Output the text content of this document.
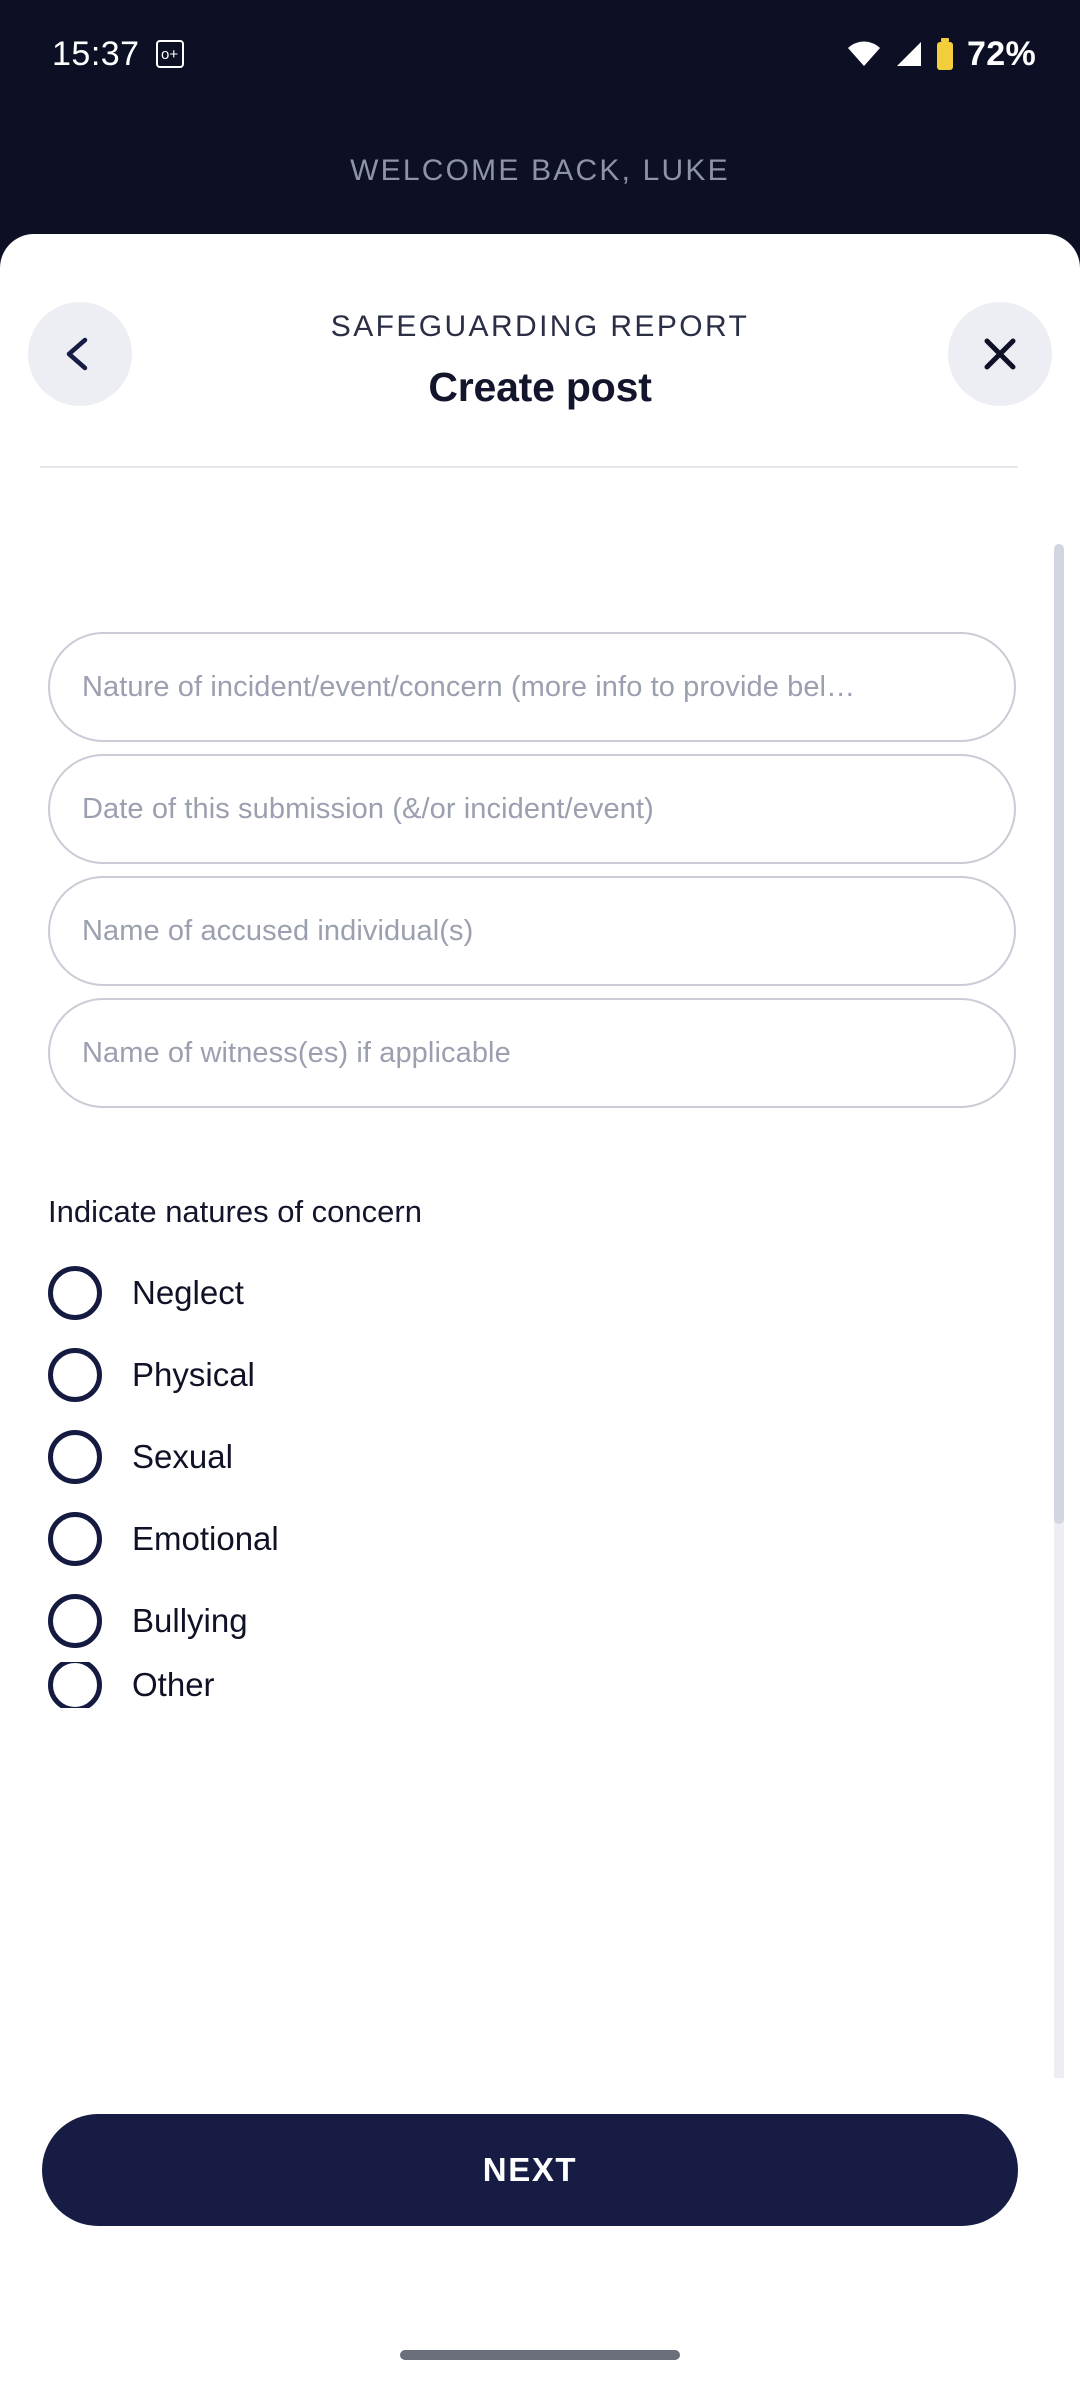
15:37	o+	72%
WELCOME BACK, LUKE
SAFEGUARDING REPORT
Create post
Nature of incident/event/concern (more info to provide bel…
Date of this submission (&/or incident/event)
Name of accused individual(s)
Name of witness(es) if applicable
Indicate natures of concern
Neglect
Physical
Sexual
Emotional
Bullying
Other
NEXT
